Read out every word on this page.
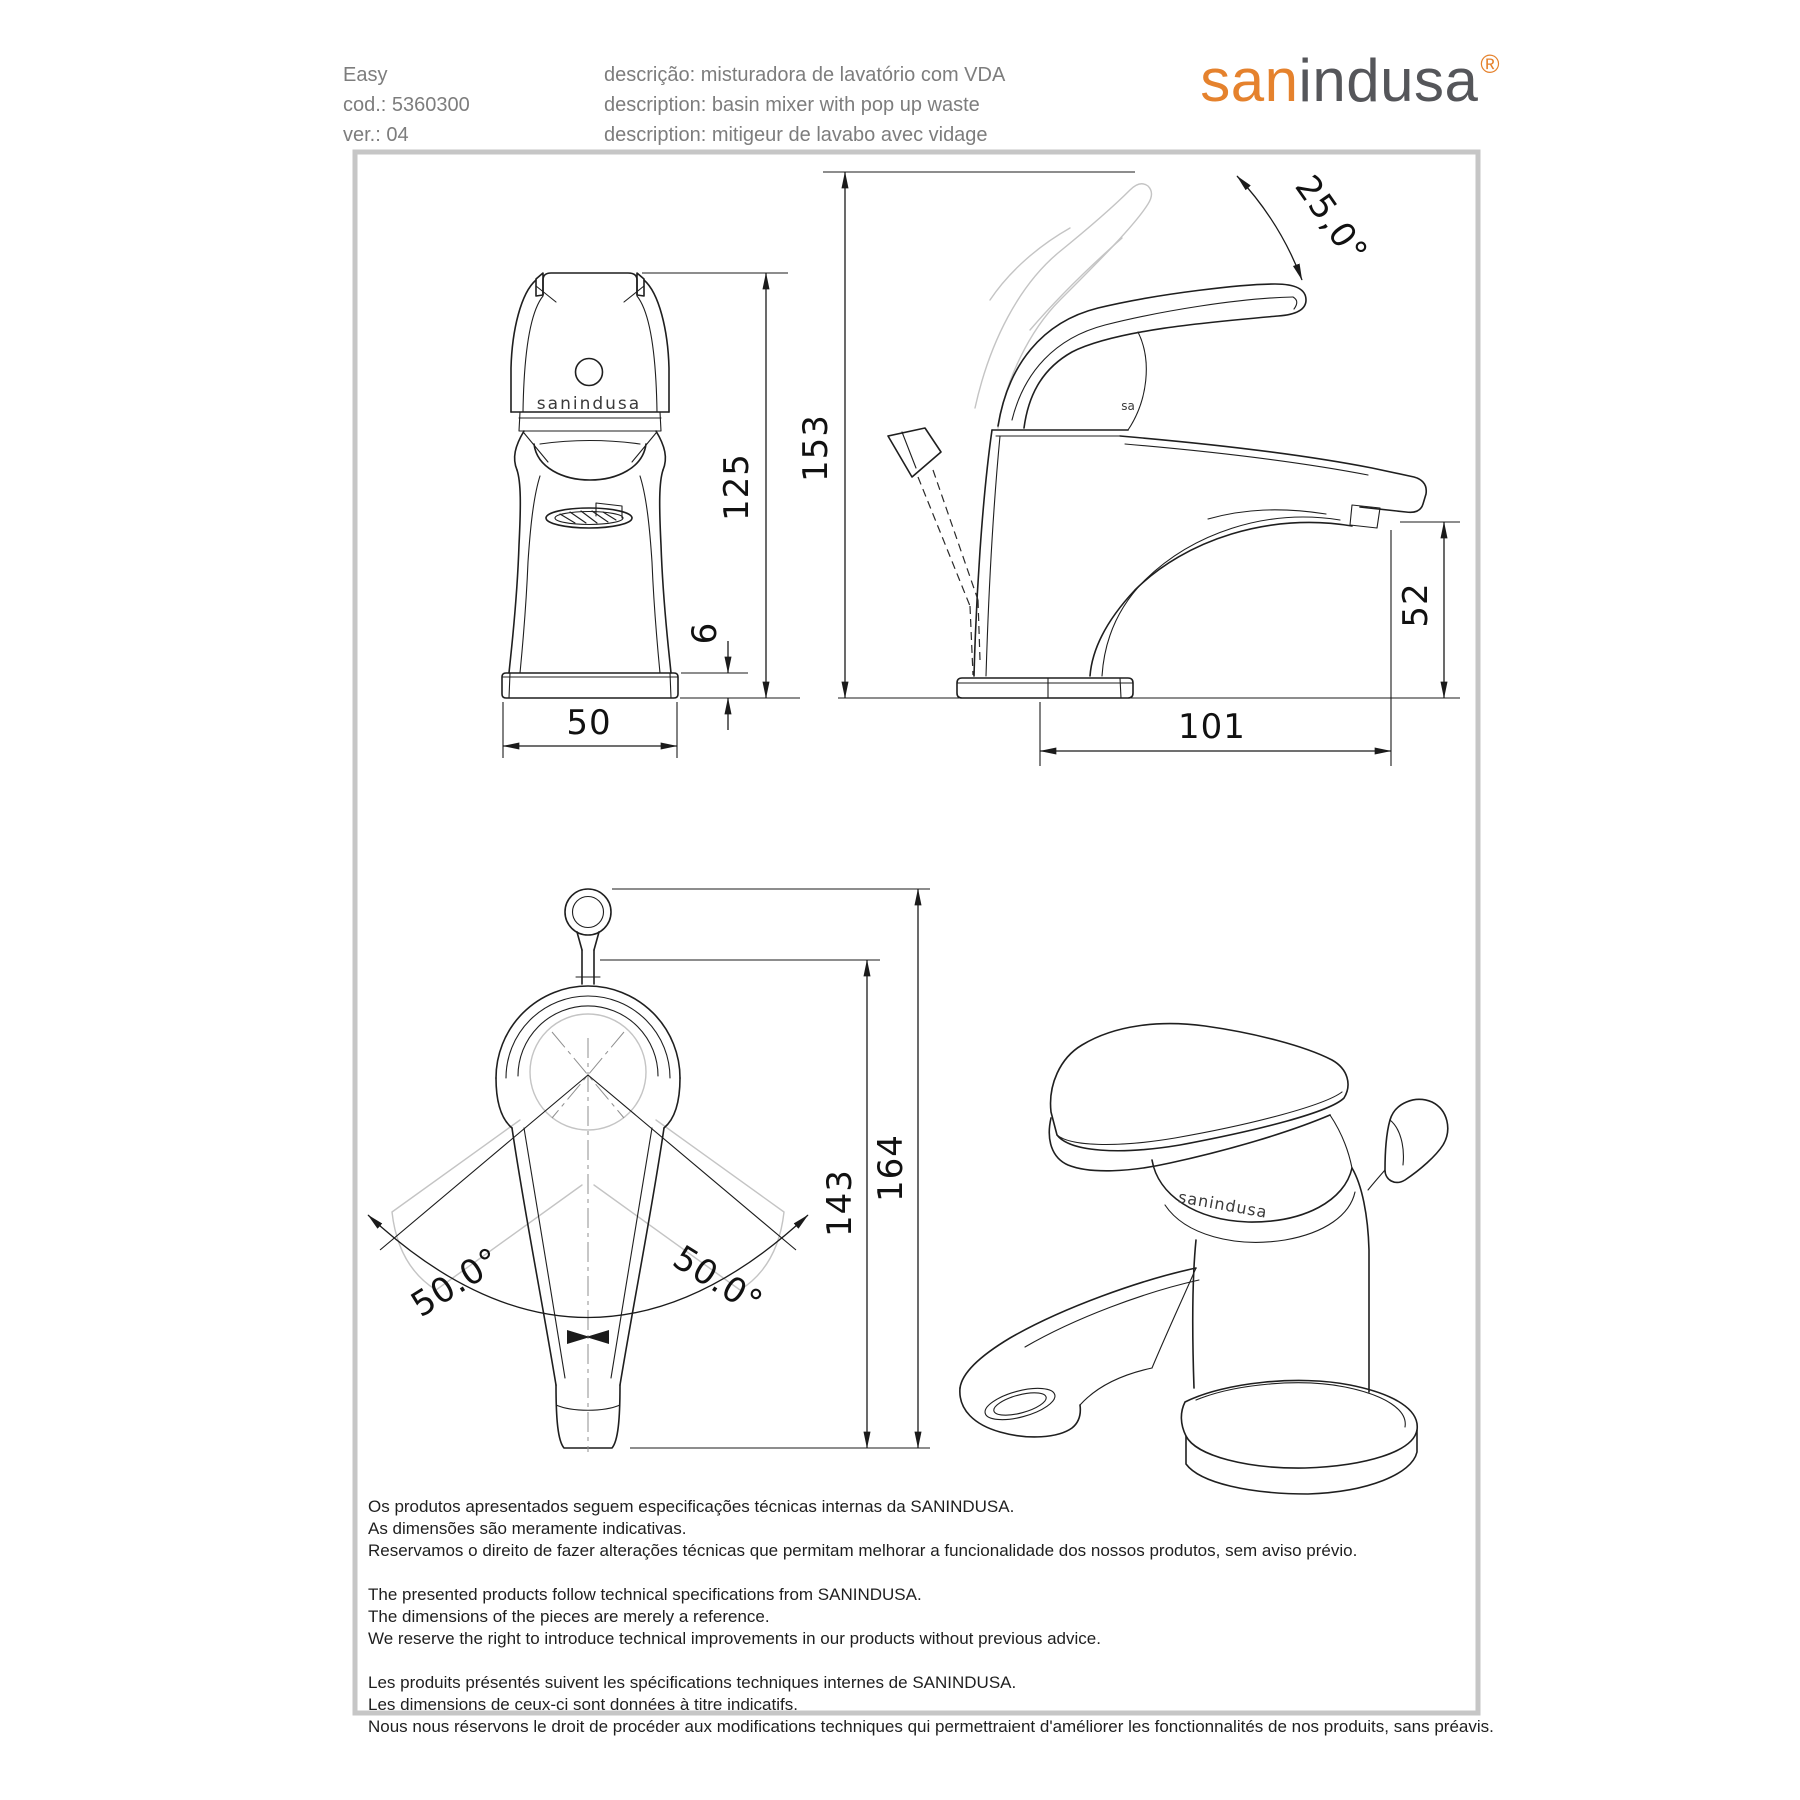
Easy
cod.: 5360300
ver.: 04
descrição: misturadora de lavatório com VDA
description: basin mixer with pop up waste
description: mitigeur de lavabo avec vidage
sanindusa®
sanindusa
125
6
50
sa
153
25,0°
52
101
50.0°	50.0°
143
164
sanindusa
Os produtos apresentados seguem especificações técnicas internas da SANINDUSA.
As dimensões são meramente indicativas.
Reservamos o direito de fazer alterações técnicas que permitam melhorar a funcionalidade dos nossos produtos, sem aviso prévio.
The presented products follow technical specifications from SANINDUSA.
The dimensions of the pieces are merely a reference.
We reserve the right to introduce technical improvements in our products without previous advice.
Les produits présentés suivent les spécifications techniques internes de SANINDUSA.
Les dimensions de ceux-ci sont données à titre indicatifs.
Nous nous réservons le droit de procéder aux modifications techniques qui permettraient d'améliorer les fonctionnalités de nos produits, sans préavis.
